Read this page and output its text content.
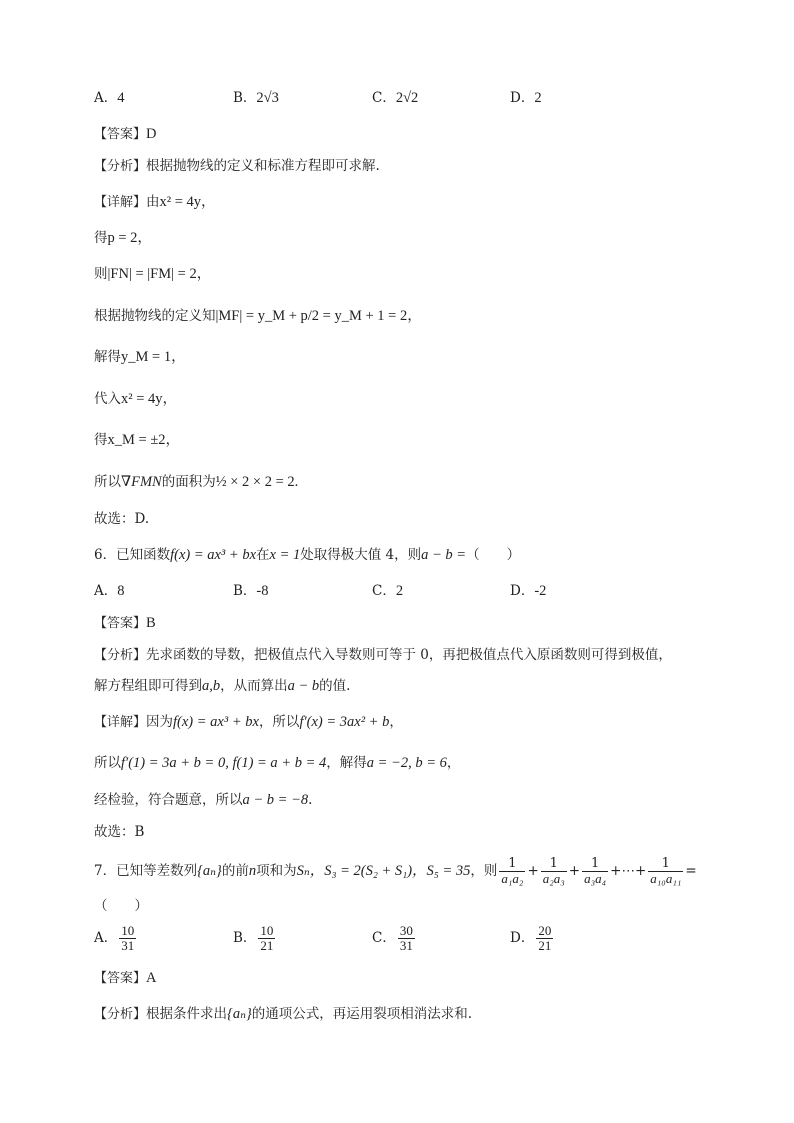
A．4	B．2√3	C．2√2	D．2
【答案】D
【分析】根据抛物线的定义和标准方程即可求解.
【详解】由x² = 4y，
得p = 2，
则|FN| = |FM| = 2，
根据抛物线的定义知|MF| = y_M + p/2 = y_M + 1 = 2，
解得y_M = 1，
代入x² = 4y，
得x_M = ±2，
所以∇FMN的面积为½ × 2 × 2 = 2.
故选：D.
6．已知函数f(x) = ax³ + bx在x = 1处取得极大值 4，则a − b =（　　）
A．8	B．-8	C．2	D．-2
【答案】B
【分析】先求函数的导数，把极值点代入导数则可等于 0，再把极值点代入原函数则可得到极值，
解方程组即可得到a,b，从而算出a − b的值.
【详解】因为f(x) = ax³ + bx，所以f′(x) = 3ax² + b，
所以f′(1) = 3a + b = 0, f(1) = a + b = 4，解得a = −2, b = 6，
经检验，符合题意，所以a − b = −8.
故选：B
7．已知等差数列{aₙ}的前n项和为Sₙ，S₃ = 2(S₂ + S₁)，S₅ = 35，则 $\frac{1}{\text{a₁a₂}} + \frac{1}{\text{a₂a₃}} + \frac{1}{\text{a₃a₄}}$ +⋯+ $\frac{1}{\text{a₁₀a₁₁}}$ =
（　　）
A． $\frac{10}{31}$	B． $\frac{10}{21}$	C． $\frac{30}{31}$	D． $\frac{20}{21}$
【答案】A
【分析】根据条件求出{aₙ}的通项公式，再运用裂项相消法求和.
